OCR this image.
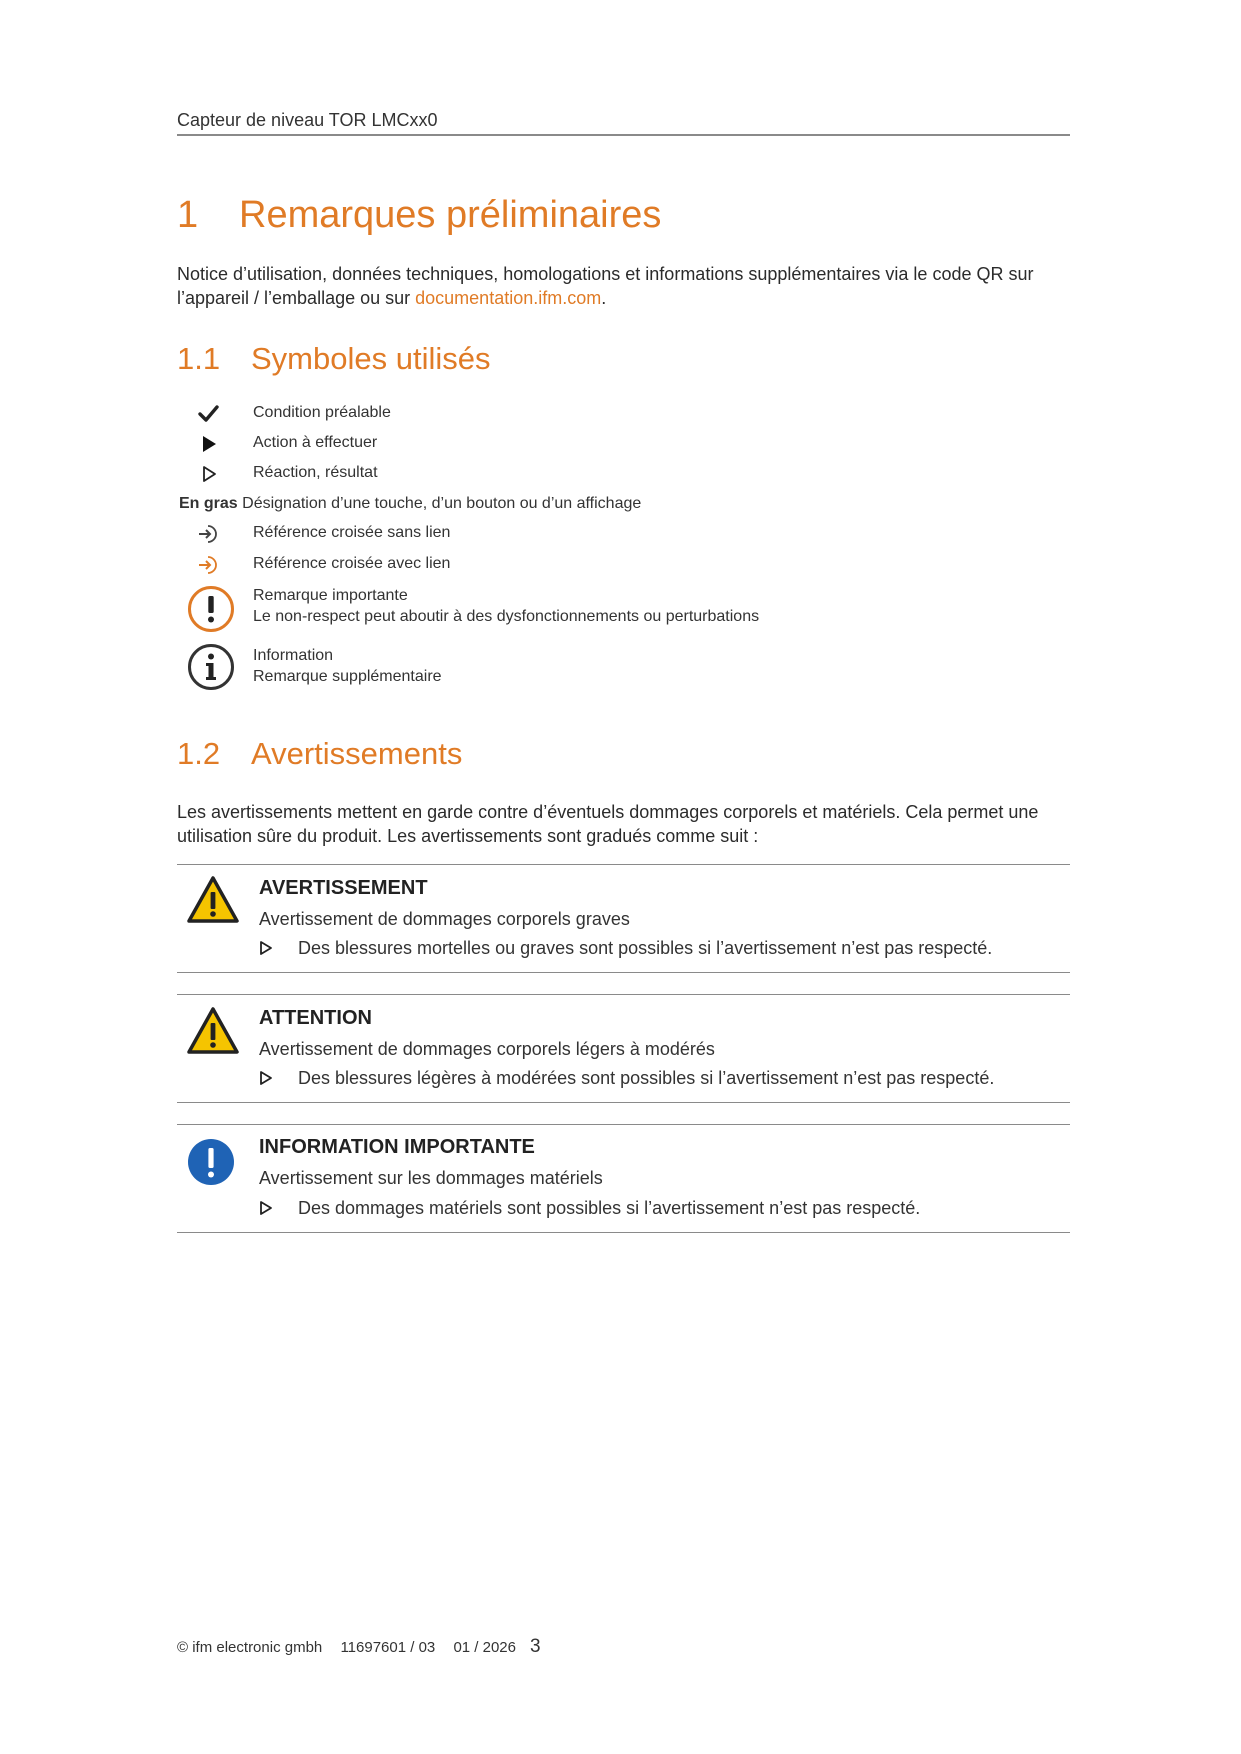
Capteur de niveau TOR LMCxx0
1 Remarques préliminaires
Notice d’utilisation, données techniques, homologations et informations supplémentaires via le code QR sur l’appareil / l’emballage ou sur documentation.ifm.com.
1.1 Symboles utilisés
Condition préalable
Action à effectuer
Réaction, résultat
En gras Désignation d’une touche, d’un bouton ou d’un affichage
Référence croisée sans lien
Référence croisée avec lien
Remarque importante
Le non-respect peut aboutir à des dysfonctionnements ou perturbations
Information
Remarque supplémentaire
1.2 Avertissements
Les avertissements mettent en garde contre d’éventuels dommages corporels et matériels. Cela permet une utilisation sûre du produit. Les avertissements sont gradués comme suit :
AVERTISSEMENT
Avertissement de dommages corporels graves
Des blessures mortelles ou graves sont possibles si l’avertissement n’est pas respecté.
ATTENTION
Avertissement de dommages corporels légers à modérés
Des blessures légères à modérées sont possibles si l’avertissement n’est pas respecté.
INFORMATION IMPORTANTE
Avertissement sur les dommages matériels
Des dommages matériels sont possibles si l’avertissement n’est pas respecté.
© ifm electronic gmbh 11697601 / 03 01 / 2026 3
